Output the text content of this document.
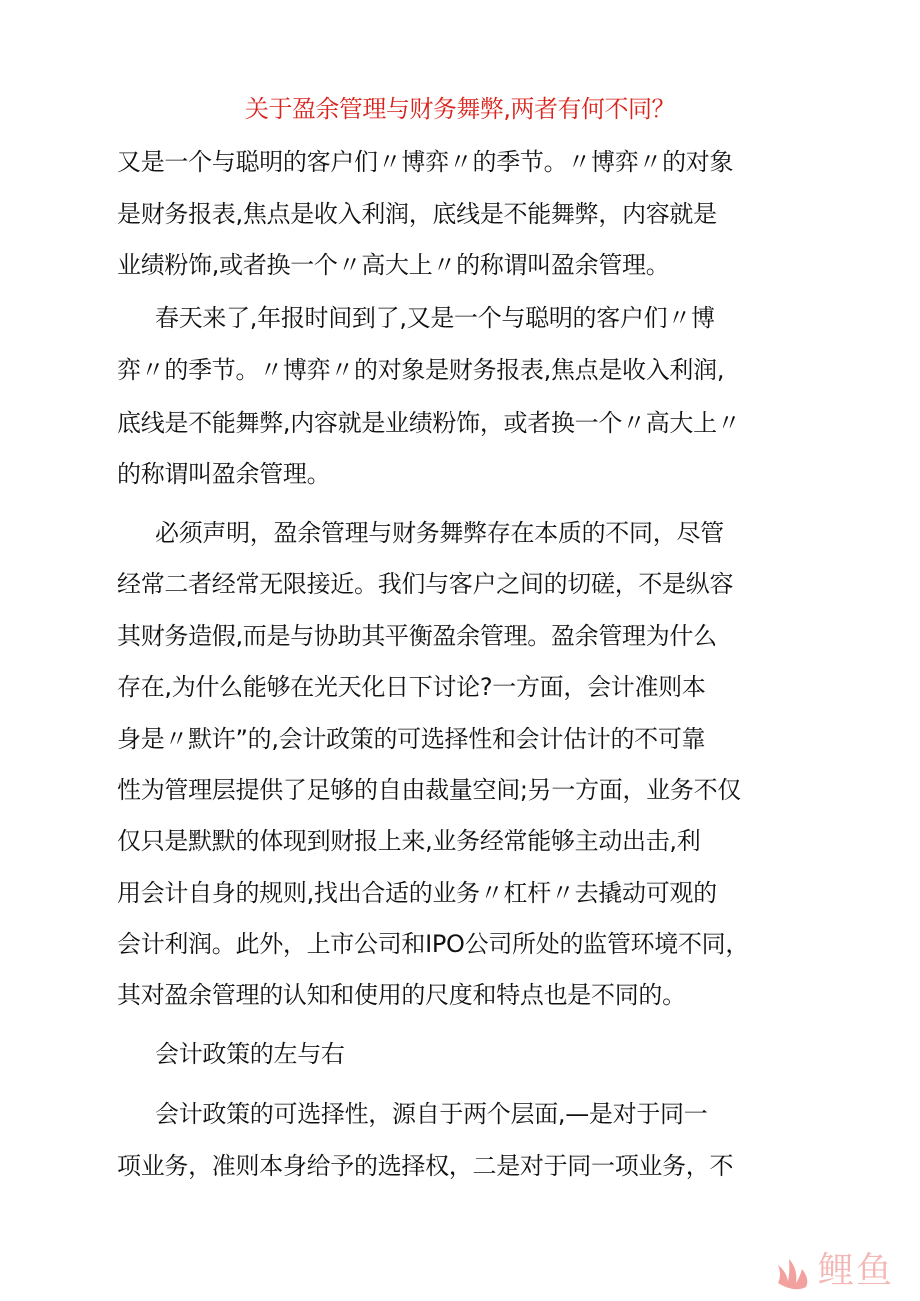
关于盈余管理与财务舞弊,两者有何不同？
又是一个与聪明的客户们〃博弈〃的季节。〃博弈〃的对象
是财务报表,焦点是收入利润，底线是不能舞弊，内容就是
业绩粉饰,或者换一个〃高大上〃的称谓叫盈余管理。
春天来了,年报时间到了,又是一个与聪明的客户们〃博
弈〃的季节。〃博弈〃的对象是财务报表,焦点是收入利润,
底线是不能舞弊,内容就是业绩粉饰，或者换一个〃高大上〃
的称谓叫盈余管理。
必须声明，盈余管理与财务舞弊存在本质的不同，尽管
经常二者经常无限接近。我们与客户之间的切磋，不是纵容
其财务造假,而是与协助其平衡盈余管理。盈余管理为什么
存在,为什么能够在光天化日下讨论?一方面，会计准则本
身是〃默许”的,会计政策的可选择性和会计估计的不可靠
性为管理层提供了足够的自由裁量空间;另一方面，业务不仅
仅只是默默的体现到财报上来,业务经常能够主动出击,利
用会计自身的规则,找出合适的业务〃杠杆〃去撬动可观的
会计利润。此外，上市公司和IPO公司所处的监管环境不同，
其对盈余管理的认知和使用的尺度和特点也是不同的。
会计政策的左与右
会计政策的可选择性，源自于两个层面,—是对于同一
项业务，准则本身给予的选择权，二是对于同一项业务，不
鲤鱼
